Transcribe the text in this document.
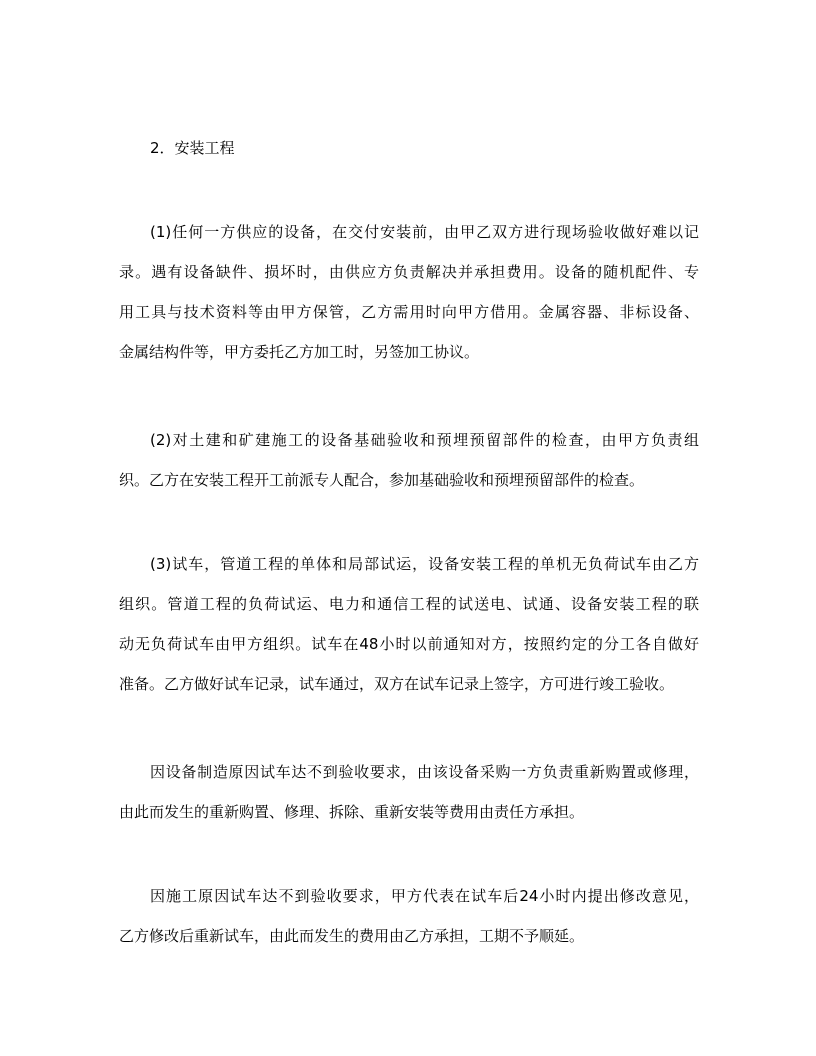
2．安装工程
(1)任何一方供应的设备，在交付安装前，由甲乙双方进行现场验收做好难以记
录。遇有设备缺件、损坏时，由供应方负责解决并承担费用。设备的随机配件、专
用工具与技术资料等由甲方保管，乙方需用时向甲方借用。金属容器、非标设备、
金属结构件等，甲方委托乙方加工时，另签加工协议。
(2)对土建和矿建施工的设备基础验收和预埋预留部件的检查，由甲方负责组
织。乙方在安装工程开工前派专人配合，参加基础验收和预埋预留部件的检查。
(3)试车，管道工程的单体和局部试运，设备安装工程的单机无负荷试车由乙方
组织。管道工程的负荷试运、电力和通信工程的试送电、试通、设备安装工程的联
动无负荷试车由甲方组织。试车在48小时以前通知对方，按照约定的分工各自做好
准备。乙方做好试车记录，试车通过，双方在试车记录上签字，方可进行竣工验收。
因设备制造原因试车达不到验收要求，由该设备采购一方负责重新购置或修理，
由此而发生的重新购置、修理、拆除、重新安装等费用由责任方承担。
因施工原因试车达不到验收要求，甲方代表在试车后24小时内提出修改意见，
乙方修改后重新试车，由此而发生的费用由乙方承担，工期不予顺延。
